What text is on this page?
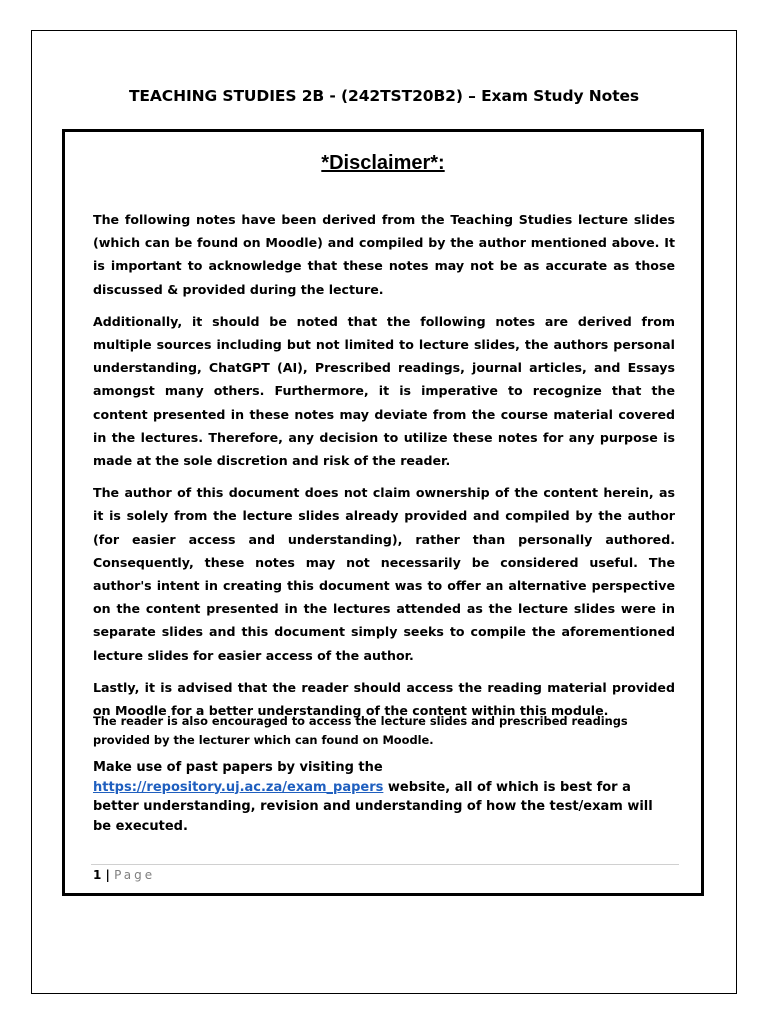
TEACHING STUDIES 2B - (242TST20B2) – Exam Study Notes
*Disclaimer*:

The following notes have been derived from the Teaching Studies lecture slides (which can be found on Moodle) and compiled by the author mentioned above. It is important to acknowledge that these notes may not be as accurate as those discussed & provided during the lecture.

Additionally, it should be noted that the following notes are derived from multiple sources including but not limited to lecture slides, the authors personal understanding, ChatGPT (AI), Prescribed readings, journal articles, and Essays amongst many others. Furthermore, it is imperative to recognize that the content presented in these notes may deviate from the course material covered in the lectures. Therefore, any decision to utilize these notes for any purpose is made at the sole discretion and risk of the reader.

The author of this document does not claim ownership of the content herein, as it is solely from the lecture slides already provided and compiled by the author (for easier access and understanding), rather than personally authored. Consequently, these notes may not necessarily be considered useful. The author's intent in creating this document was to offer an alternative perspective on the content presented in the lectures attended as the lecture slides were in separate slides and this document simply seeks to compile the aforementioned lecture slides for easier access of the author.

Lastly, it is advised that the reader should access the reading material provided on Moodle for a better understanding of the content within this module.

The reader is also encouraged to access the lecture slides and prescribed readings provided by the lecturer which can found on Moodle.
Make use of past papers by visiting the https://repository.uj.ac.za/exam_papers website, all of which is best for a better understanding, revision and understanding of how the test/exam will be executed.
1 | Page
